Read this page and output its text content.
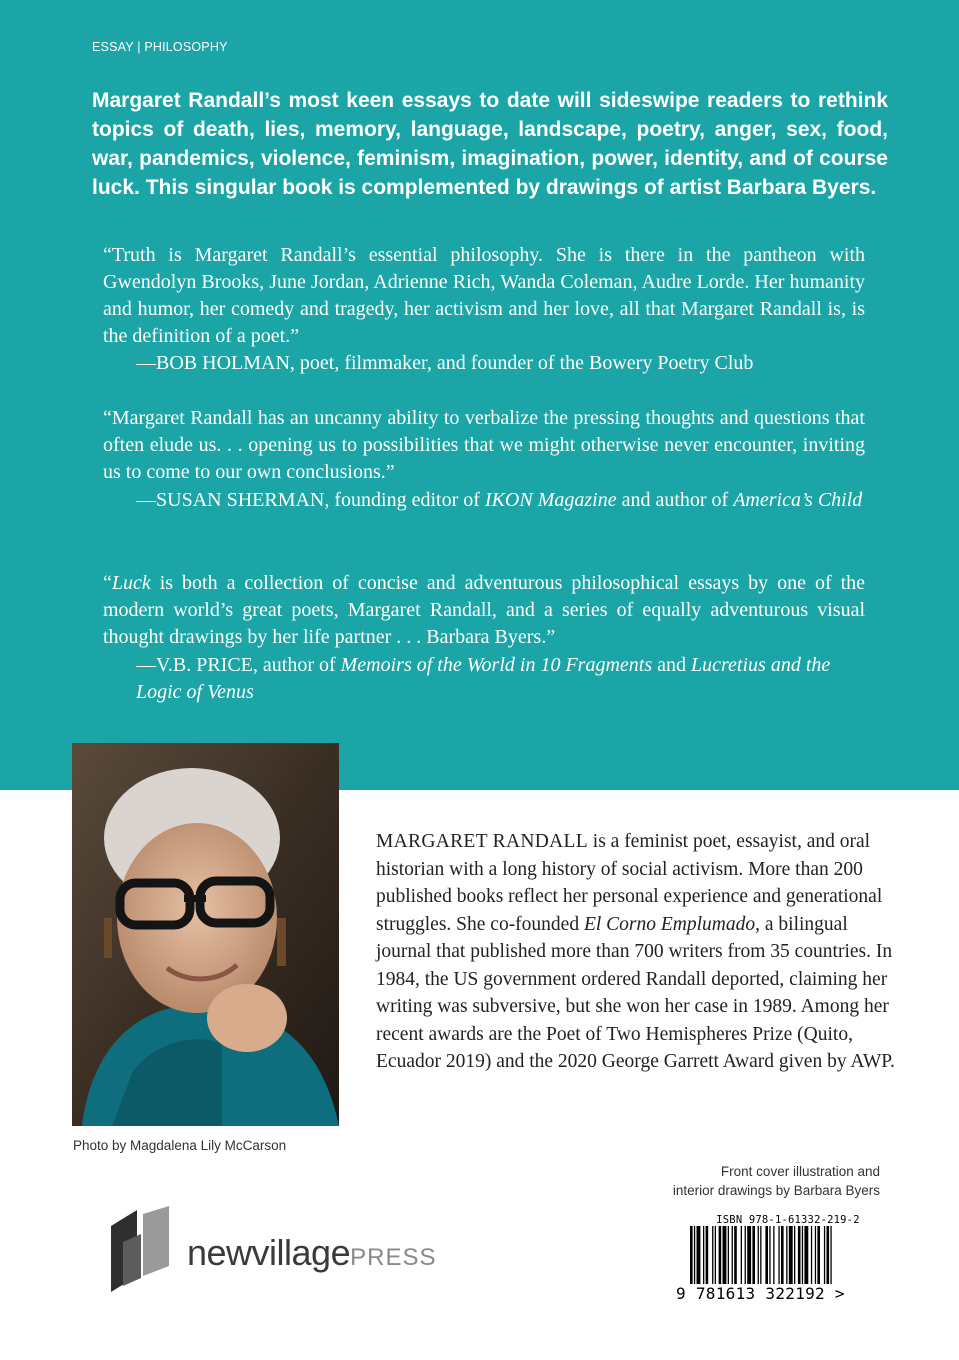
ESSAY | PHILOSOPHY

Margaret Randall’s most keen essays to date will sideswipe readers to rethink topics of death, lies, memory, language, landscape, poetry, anger, sex, food, war, pandemics, violence, feminism, imagination, power, identity, and of course luck. This singular book is complemented by drawings of artist Barbara Byers.

“Truth is Margaret Randall’s essential philosophy. She is there in the pantheon with Gwendolyn Brooks, June Jordan, Adrienne Rich, Wanda Coleman, Audre Lorde. Her humanity and humor, her comedy and tragedy, her activism and her love, all that Margaret Randall is, is the definition of a poet.”

—BOB HOLMAN, poet, filmmaker, and founder of the Bowery Poetry Club

“Margaret Randall has an uncanny ability to verbalize the pressing thoughts and questions that often elude us. . . opening us to possibilities that we might otherwise never encounter, inviting us to come to our own conclusions.”

—SUSAN SHERMAN, founding editor of IKON Magazine and author of America’s Child

“Luck is both a collection of concise and adventurous philosophical essays by one of the modern world’s great poets, Margaret Randall, and a series of equally adventurous visual thought drawings by her life partner . . . Barbara Byers.”

—V.B. PRICE, author of Memoirs of the World in 10 Fragments and Lucretius and the Logic of Venus

Photo by Magdalena Lily McCarson

MARGARET RANDALL is a feminist poet, essayist, and oral historian with a long history of social activism. More than 200 published books reflect her personal experience and generational struggles. She co-founded El Corno Emplumado, a bilingual journal that published more than 700 writers from 35 countries. In 1984, the US government ordered Randall deported, claiming her writing was subversive, but she won her case in 1989. Among her recent awards are the Poet of Two Hemispheres Prize (Quito, Ecuador 2019) and the 2020 George Garrett Award given by AWP.

Front cover illustration and
interior drawings by Barbara Byers
newvillagePRESS
ISBN 978-1-61332-219-2
9 781613 322192 >
